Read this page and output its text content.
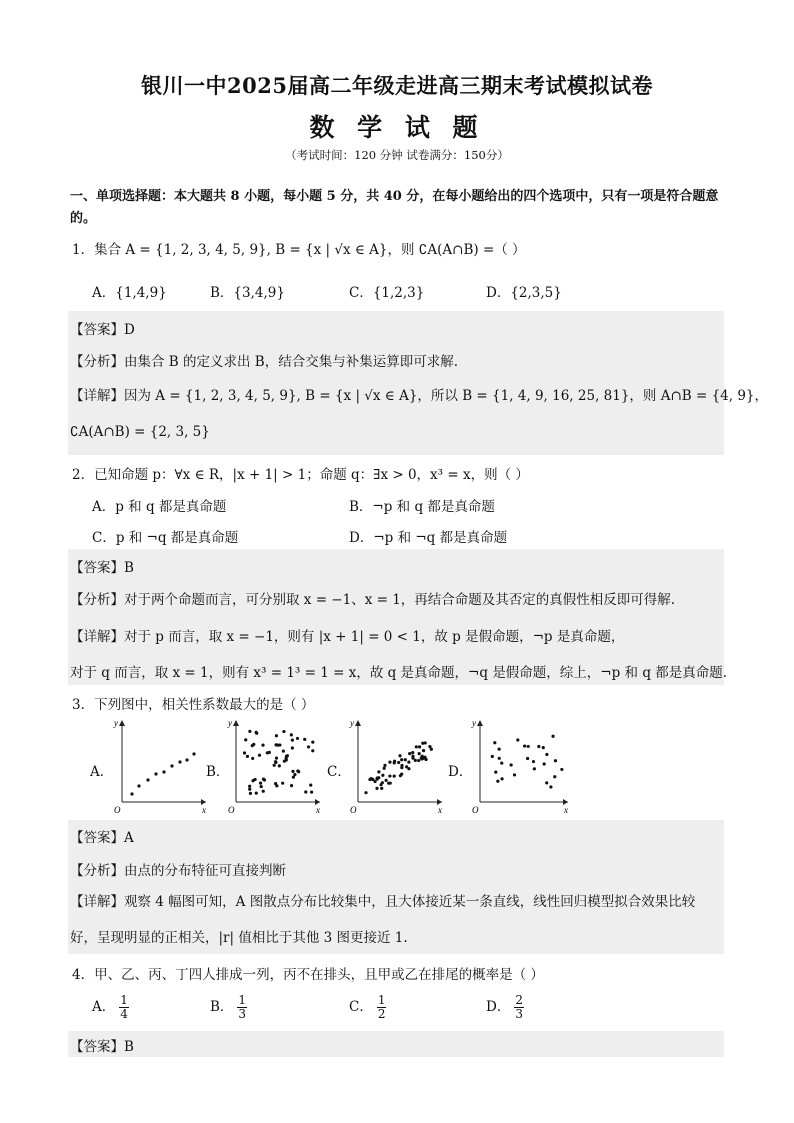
银川一中2025届高二年级走进高三期末考试模拟试卷
数 学 试 题
（考试时间：120 分钟 试卷满分：150分）
一、单项选择题：本大题共 8 小题，每小题 5 分，共 40 分，在每小题给出的四个选项中，只有一项是符合题意的。
1．集合 A = {1, 2, 3, 4, 5, 9}, B = {x | √x ∈ A}，则 ∁A(A∩B) =（ ）
A．{1,4,9}	B．{3,4,9}	C．{1,2,3}	D．{2,3,5}
【答案】D
【分析】由集合 B 的定义求出 B，结合交集与补集运算即可求解.
【详解】因为 A = {1, 2, 3, 4, 5, 9}, B = {x | √x ∈ A}，所以 B = {1, 4, 9, 16, 25, 81}，则 A∩B = {4, 9}，
∁A(A∩B) = {2, 3, 5}
2．已知命题 p：∀x ∈ R，|x + 1| > 1；命题 q：∃x > 0，x³ = x，则（ ）
A．p 和 q 都是真命题	B．¬p 和 q 都是真命题
C．p 和 ¬q 都是真命题	D．¬p 和 ¬q 都是真命题
【答案】B
【分析】对于两个命题而言，可分别取 x = −1、x = 1，再结合命题及其否定的真假性相反即可得解.
【详解】对于 p 而言，取 x = −1，则有 |x + 1| = 0 < 1，故 p 是假命题，¬p 是真命题，
对于 q 而言，取 x = 1，则有 x³ = 1³ = 1 = x，故 q 是真命题，¬q 是假命题，综上，¬p 和 q 都是真命题.
3．下列图中，相关性系数最大的是（ ）
A．	B．	C．	D．
y
x
O
y
x
O
y
x
O
y
x
O
【答案】A
【分析】由点的分布特征可直接判断
【详解】观察 4 幅图可知，A 图散点分布比较集中，且大体接近某一条直线，线性回归模型拟合效果比较
好，呈现明显的正相关，|r| 值相比于其他 3 图更接近 1.
4．甲、乙、丙、丁四人排成一列，丙不在排头，且甲或乙在排尾的概率是（ ）
A． $\frac{1}{4}$	B． $\frac{1}{3}$	C． $\frac{1}{2}$	D． $\frac{2}{3}$
【答案】B
